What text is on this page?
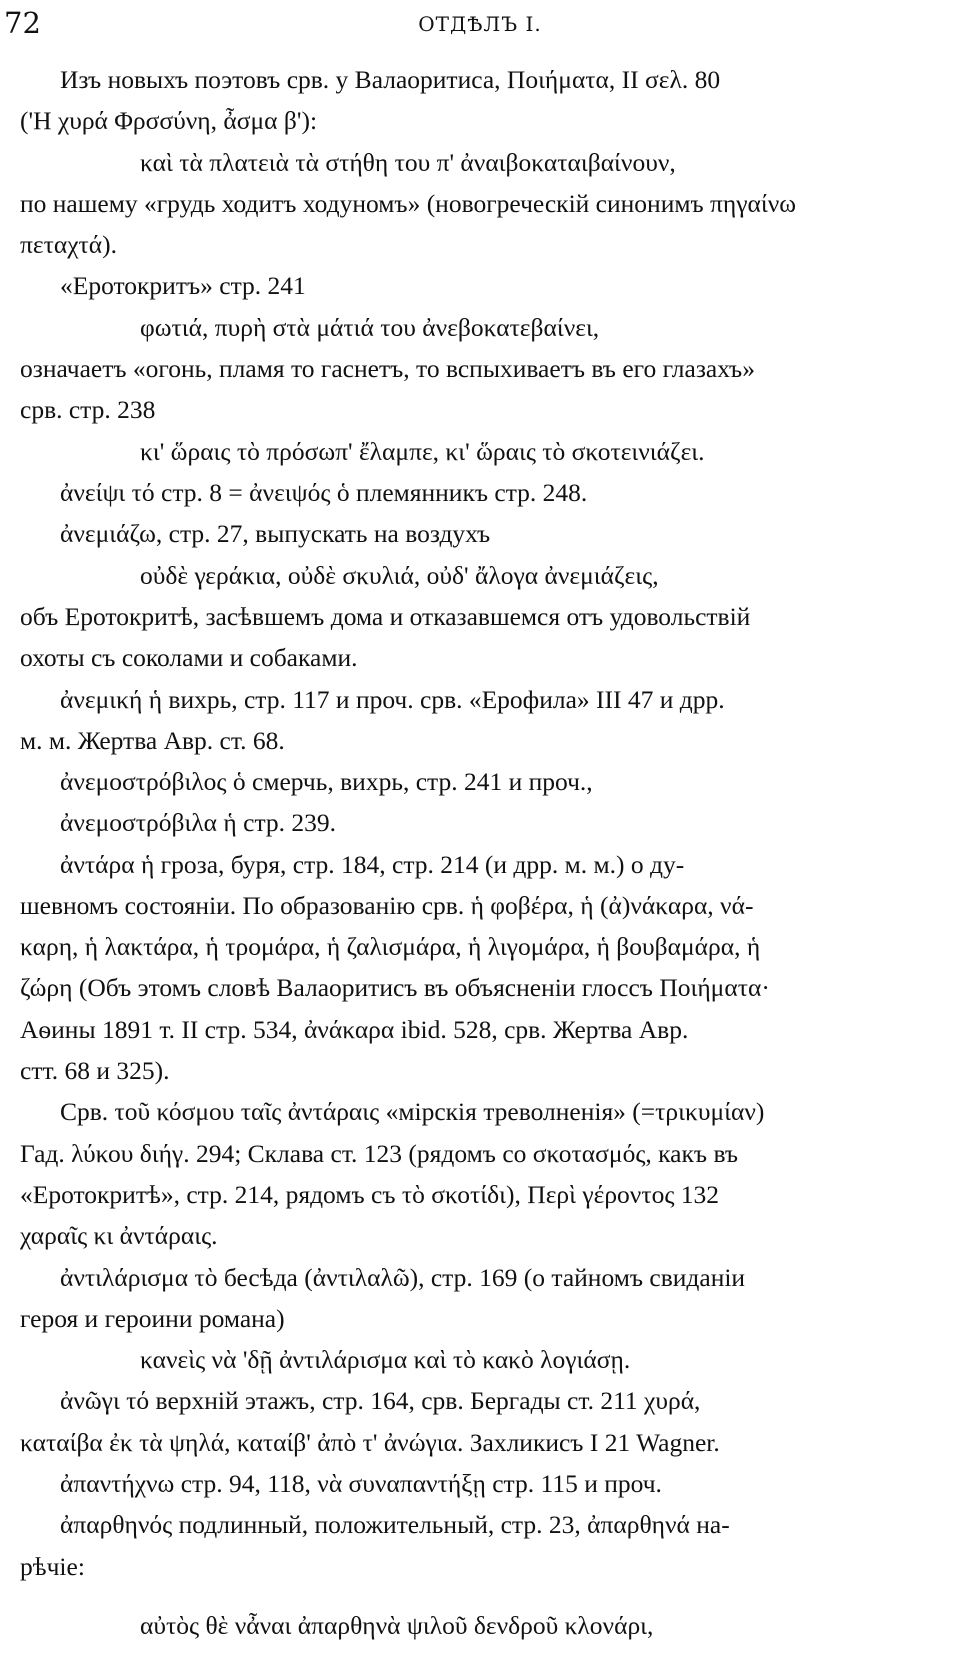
72	ОТДѢЛЪ I.
Изъ новыхъ поэтовъ срв. у Валаоритиса, Ποιήματα, II σελ. 80
('Η χυρά Φρσσύνη, ἆσμα β'):
καὶ τὰ πλατειὰ τὰ στήθη του π' ἀναιβοκαταιβαίνουν,
по нашему «грудь ходитъ ходуномъ» (новогреческій синонимъ πηγαίνω
πεταχτά).
«Εротокритъ» стр. 241
φωτιά, πυρὴ στὰ μάτιά του ἀνεβοκατεβαίνει,
означаетъ «огонь, пламя то гаснетъ, то вспыхиваетъ въ его глазахъ»
срв. стр. 238
κι' ὥραις τὸ πρόσωπ' ἔλαμπε, κι' ὥραις τὸ σκοτεινιάζει.
ἀνείψι τό стр. 8 = ἀνειψός ὁ племянникъ стр. 248.
ἀνεμιάζω, стр. 27, выпускать на воздухъ
οὐδὲ γεράκια, οὐδὲ σκυλιά, οὐδ' ἄλογα ἀνεμιάζεις,
объ Εротокритѣ, засѣвшемъ дома и отказавшемся отъ удовольствій
охоты съ соколами и собаками.
ἀνεμική ἡ вихрь, стр. 117 и проч. срв. «Εрофила» III 47 и дрр.
м. м. Жертва Авр. ст. 68.
ἀνεμοστρόβιλος ὁ смерчь, вихрь, стр. 241 и проч.,
ἀνεμοστρόβιλα ἡ стр. 239.
ἀντάρα ἡ гроза, буря, стр. 184, стр. 214 (и дрр. м. м.) о ду-
шевномъ состояніи. По образованію срв. ἡ φοβέρα, ἡ (ἀ)νάκαρα, νά-
καρη, ἡ λακτάρα, ἡ τρομάρα, ἡ ζαλισμάρα, ἡ λιγομάρα, ἡ βουβαμάρα, ἡ
ζώρη (Объ этомъ словѣ Валаоритисъ въ объясненіи глоссъ Ποιήματα·
Аѳины 1891 т. II стр. 534, ἀνάκαρα ibid. 528, срв. Жертва Авр.
стт. 68 и 325).
Срв. τοῦ κόσμου ταῖς ἀντάραις «мірскія треволненія» (=τρικυμίαν)
Гад. λύκου διήγ. 294; Склава ст. 123 (рядомъ со σκοτασμός, какъ въ
«Εротокритѣ», стр. 214, рядомъ съ τὸ σκοτίδι), Περὶ γέροντος 132
χαραῖς κι ἀντάραις.
ἀντιλάρισμα τὸ бесѣда (ἀντιλαλῶ), стр. 169 (о тайномъ свиданіи
героя и героини романа)
κανεὶς νὰ 'δῇ ἀντιλάρισμα καὶ τὸ κακὸ λογιάσῃ.
ἀνῶγι τό верхній этажъ, стр. 164, срв. Бергады ст. 211 χυρά,
καταίβα ἐκ τὰ ψηλά, καταίβ' ἀπὸ τ' ἀνώγια. Захликисъ I 21 Wagner.
ἀπαντήχνω стр. 94, 118, νὰ συναπαντήξῃ стр. 115 и проч.
ἀπαρθηνός подлинный, положительный, стр. 23, ἀπαρθηνά на-
рѣчіе:
αὐτὸς θὲ νἆναι ἀπαρθηνὰ ψιλοῦ δενδροῦ κλονάρι,
